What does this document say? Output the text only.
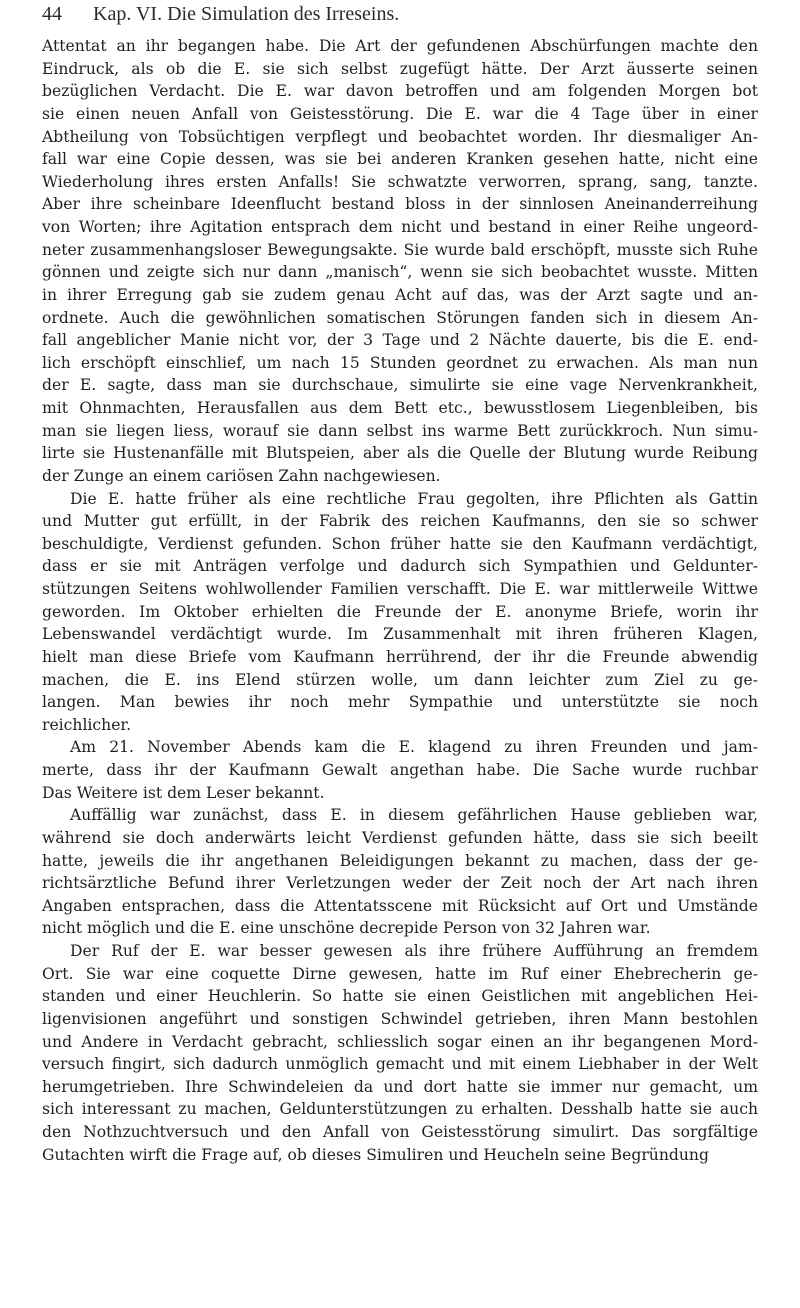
44 Kap. VI. Die Simulation des Irreseins.
Attentat an ihr begangen habe. Die Art der gefundenen Abschürfungen machte den
Eindruck, als ob die E. sie sich selbst zugefügt hätte. Der Arzt äusserte seinen
bezüglichen Verdacht. Die E. war davon betroffen und am folgenden Morgen bot
sie einen neuen Anfall von Geistesstörung. Die E. war die 4 Tage über in einer
Abtheilung von Tobsüchtigen verpflegt und beobachtet worden. Ihr diesmaliger An-
fall war eine Copie dessen, was sie bei anderen Kranken gesehen hatte, nicht eine
Wiederholung ihres ersten Anfalls! Sie schwatzte verworren, sprang, sang, tanzte.
Aber ihre scheinbare Ideenflucht bestand bloss in der sinnlosen Aneinanderreihung
von Worten; ihre Agitation entsprach dem nicht und bestand in einer Reihe ungeord-
neter zusammenhangsloser Bewegungsakte. Sie wurde bald erschöpft, musste sich Ruhe
gönnen und zeigte sich nur dann „manisch“, wenn sie sich beobachtet wusste. Mitten
in ihrer Erregung gab sie zudem genau Acht auf das, was der Arzt sagte und an-
ordnete. Auch die gewöhnlichen somatischen Störungen fanden sich in diesem An-
fall angeblicher Manie nicht vor, der 3 Tage und 2 Nächte dauerte, bis die E. end-
lich erschöpft einschlief, um nach 15 Stunden geordnet zu erwachen. Als man nun
der E. sagte, dass man sie durchschaue, simulirte sie eine vage Nervenkrankheit,
mit Ohnmachten, Herausfallen aus dem Bett etc., bewusstlosem Liegenbleiben, bis
man sie liegen liess, worauf sie dann selbst ins warme Bett zurückkroch. Nun simu-
lirte sie Hustenanfälle mit Blutspeien, aber als die Quelle der Blutung wurde Reibung
der Zunge an einem cariösen Zahn nachgewiesen.
Die E. hatte früher als eine rechtliche Frau gegolten, ihre Pflichten als Gattin
und Mutter gut erfüllt, in der Fabrik des reichen Kaufmanns, den sie so schwer
beschuldigte, Verdienst gefunden. Schon früher hatte sie den Kaufmann verdächtigt,
dass er sie mit Anträgen verfolge und dadurch sich Sympathien und Geldunter-
stützungen Seitens wohlwollender Familien verschafft. Die E. war mittlerweile Wittwe
geworden. Im Oktober erhielten die Freunde der E. anonyme Briefe, worin ihr
Lebenswandel verdächtigt wurde. Im Zusammenhalt mit ihren früheren Klagen,
hielt man diese Briefe vom Kaufmann herrührend, der ihr die Freunde abwendig
machen, die E. ins Elend stürzen wolle, um dann leichter zum Ziel zu ge-
langen. Man bewies ihr noch mehr Sympathie und unterstützte sie noch
reichlicher.
Am 21. November Abends kam die E. klagend zu ihren Freunden und jam-
merte, dass ihr der Kaufmann Gewalt angethan habe. Die Sache wurde ruchbar
Das Weitere ist dem Leser bekannt.
Auffällig war zunächst, dass E. in diesem gefährlichen Hause geblieben war,
während sie doch anderwärts leicht Verdienst gefunden hätte, dass sie sich beeilt
hatte, jeweils die ihr angethanen Beleidigungen bekannt zu machen, dass der ge-
richtsärztliche Befund ihrer Verletzungen weder der Zeit noch der Art nach ihren
Angaben entsprachen, dass die Attentatsscene mit Rücksicht auf Ort und Umstände
nicht möglich und die E. eine unschöne decrepide Person von 32 Jahren war.
Der Ruf der E. war besser gewesen als ihre frühere Aufführung an fremdem
Ort. Sie war eine coquette Dirne gewesen, hatte im Ruf einer Ehebrecherin ge-
standen und einer Heuchlerin. So hatte sie einen Geistlichen mit angeblichen Hei-
ligenvisionen angeführt und sonstigen Schwindel getrieben, ihren Mann bestohlen
und Andere in Verdacht gebracht, schliesslich sogar einen an ihr begangenen Mord-
versuch fingirt, sich dadurch unmöglich gemacht und mit einem Liebhaber in der Welt
herumgetrieben. Ihre Schwindeleien da und dort hatte sie immer nur gemacht, um
sich interessant zu machen, Geldunterstützungen zu erhalten. Desshalb hatte sie auch
den Nothzuchtversuch und den Anfall von Geistesstörung simulirt. Das sorgfältige
Gutachten wirft die Frage auf, ob dieses Simuliren und Heucheln seine Begründung
